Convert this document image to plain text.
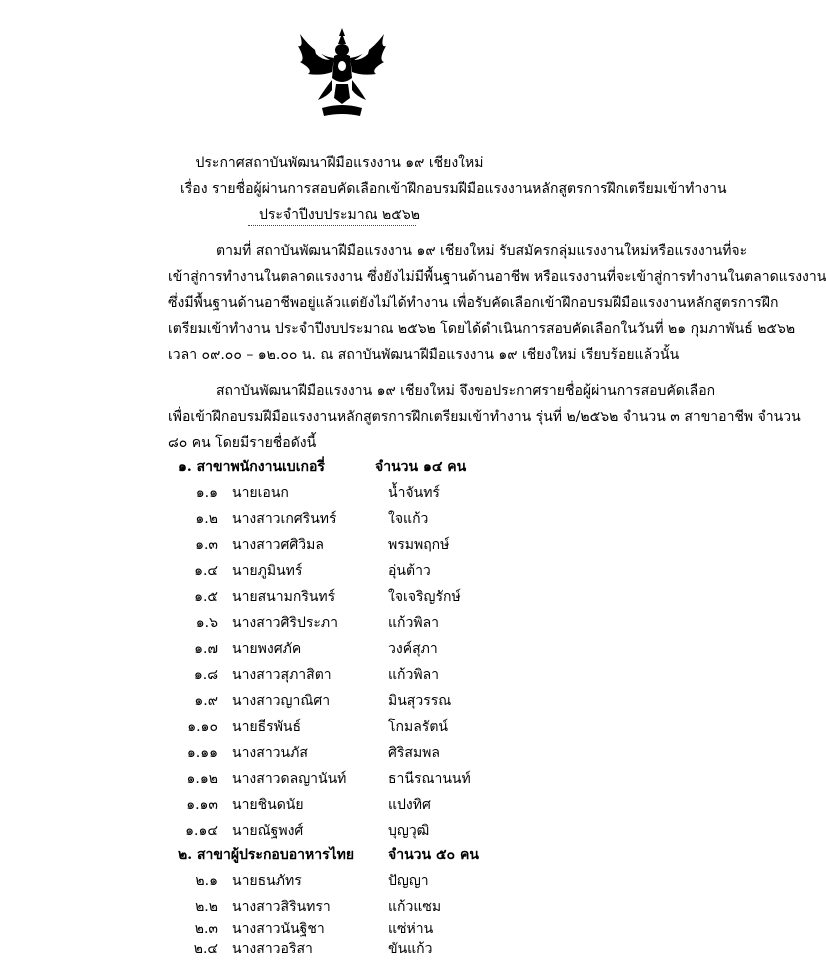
ประกาศสถาบันพัฒนาฝีมือแรงงาน ๑๙ เชียงใหม่
เรื่อง รายชื่อผู้ผ่านการสอบคัดเลือกเข้าฝึกอบรมฝีมือแรงงานหลักสูตรการฝึกเตรียมเข้าทำงาน
ประจำปีงบประมาณ ๒๕๖๒
ตามที่ สถาบันพัฒนาฝีมือแรงงาน ๑๙ เชียงใหม่ รับสมัครกลุ่มแรงงานใหม่หรือแรงงานที่จะ
เข้าสู่การทำงานในตลาดแรงงาน ซึ่งยังไม่มีพื้นฐานด้านอาชีพ หรือแรงงานที่จะเข้าสู่การทำงานในตลาดแรงงาน
ซึ่งมีพื้นฐานด้านอาชีพอยู่แล้วแต่ยังไม่ได้ทำงาน เพื่อรับคัดเลือกเข้าฝึกอบรมฝีมือแรงงานหลักสูตรการฝึก
เตรียมเข้าทำงาน ประจำปีงบประมาณ ๒๕๖๒ โดยได้ดำเนินการสอบคัดเลือกในวันที่ ๒๑ กุมภาพันธ์ ๒๕๖๒
เวลา ๐๙.๐๐ – ๑๒.๐๐ น. ณ สถาบันพัฒนาฝีมือแรงงาน ๑๙ เชียงใหม่ เรียบร้อยแล้วนั้น
สถาบันพัฒนาฝีมือแรงงาน ๑๙ เชียงใหม่ จึงขอประกาศรายชื่อผู้ผ่านการสอบคัดเลือก
เพื่อเข้าฝึกอบรมฝีมือแรงงานหลักสูตรการฝึกเตรียมเข้าทำงาน รุ่นที่ ๒/๒๕๖๒ จำนวน ๓ สาขาอาชีพ จำนวน
๘๐ คน โดยมีรายชื่อดังนี้
๑. สาขาพนักงานเบเกอรี่	จำนวน ๑๔ คน
๑.๑ นายเอนก	น้ำจันทร์
๑.๒ นางสาวเกศรินทร์	ใจแก้ว
๑.๓ นางสาวศศิวิมล	พรมพฤกษ์
๑.๔ นายภูมินทร์	อุ่นต้าว
๑.๕ นายสนามกรินทร์	ใจเจริญรักษ์
๑.๖ นางสาวศิริประภา	แก้วพิลา
๑.๗ นายพงศภัค	วงค์สุภา
๑.๘ นางสาวสุภาสิตา	แก้วพิลา
๑.๙ นางสาวญาณิศา	มินสุวรรณ
๑.๑๐ นายธีรพันธ์	โกมลรัตน์
๑.๑๑ นางสาวนภัส	ศิริสมพล
๑.๑๒ นางสาวดลญานันท์	ธานีรณานนท์
๑.๑๓ นายชินดนัย	แปงทิศ
๑.๑๔ นายณัฐพงศ์	บุญวุฒิ
๒. สาขาผู้ประกอบอาหารไทย จำนวน ๕๐ คน
๒.๑ นายธนภัทร	ปัญญา
๒.๒ นางสาวสิรินทรา	แก้วแซม
๒.๓ นางสาวนันฐิชา	แซ่ห่าน
๒.๔ นางสาวอริสา	ขันแก้ว
